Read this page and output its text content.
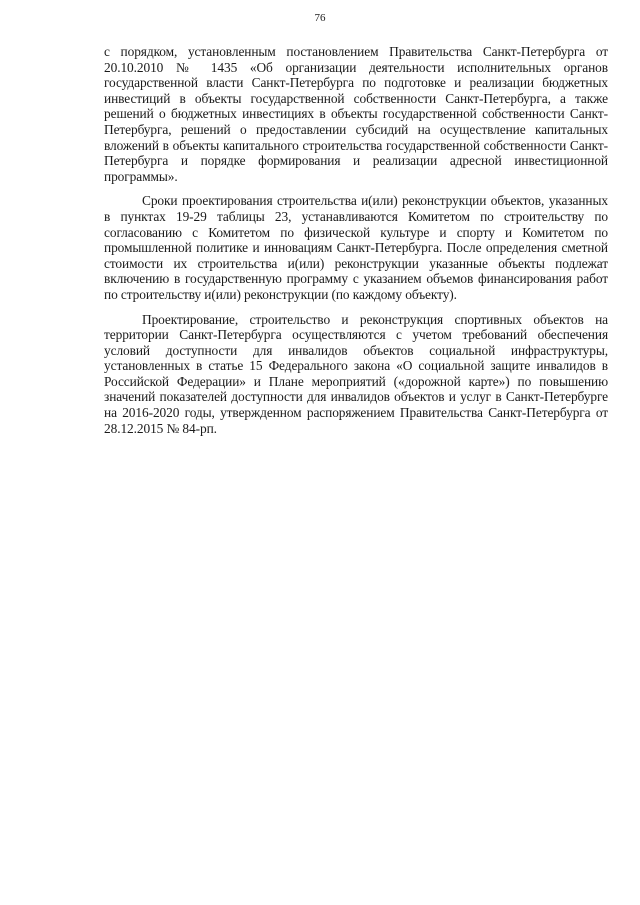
76

с порядком, установленным постановлением Правительства Санкт-Петербурга от 20.10.2010 № 1435 «Об организации деятельности исполнительных органов государственной власти Санкт-Петербурга по подготовке и реализации бюджетных инвестиций в объекты государственной собственности Санкт-Петербурга, а также решений о бюджетных инвестициях в объекты государственной собственности Санкт-Петербурга, решений о предоставлении субсидий на осуществление капитальных вложений в объекты капитального строительства государственной собственности Санкт-Петербурга и порядке формирования и реализации адресной инвестиционной программы».

Сроки проектирования строительства и(или) реконструкции объектов, указанных в пунктах 19-29 таблицы 23, устанавливаются Комитетом по строительству по согласованию с Комитетом по физической культуре и спорту и Комитетом по промышленной политике и инновациям Санкт-Петербурга. После определения сметной стоимости их строительства и(или) реконструкции указанные объекты подлежат включению в государственную программу с указанием объемов финансирования работ по строительству и(или) реконструкции (по каждому объекту).

Проектирование, строительство и реконструкция спортивных объектов на территории Санкт-Петербурга осуществляются с учетом требований обеспечения условий доступности для инвалидов объектов социальной инфраструктуры, установленных в статье 15 Федерального закона «О социальной защите инвалидов в Российской Федерации» и Плане мероприятий («дорожной карте») по повышению значений показателей доступности для инвалидов объектов и услуг в Санкт-Петербурге на 2016-2020 годы, утвержденном распоряжением Правительства Санкт-Петербурга от 28.12.2015 № 84-рп.
